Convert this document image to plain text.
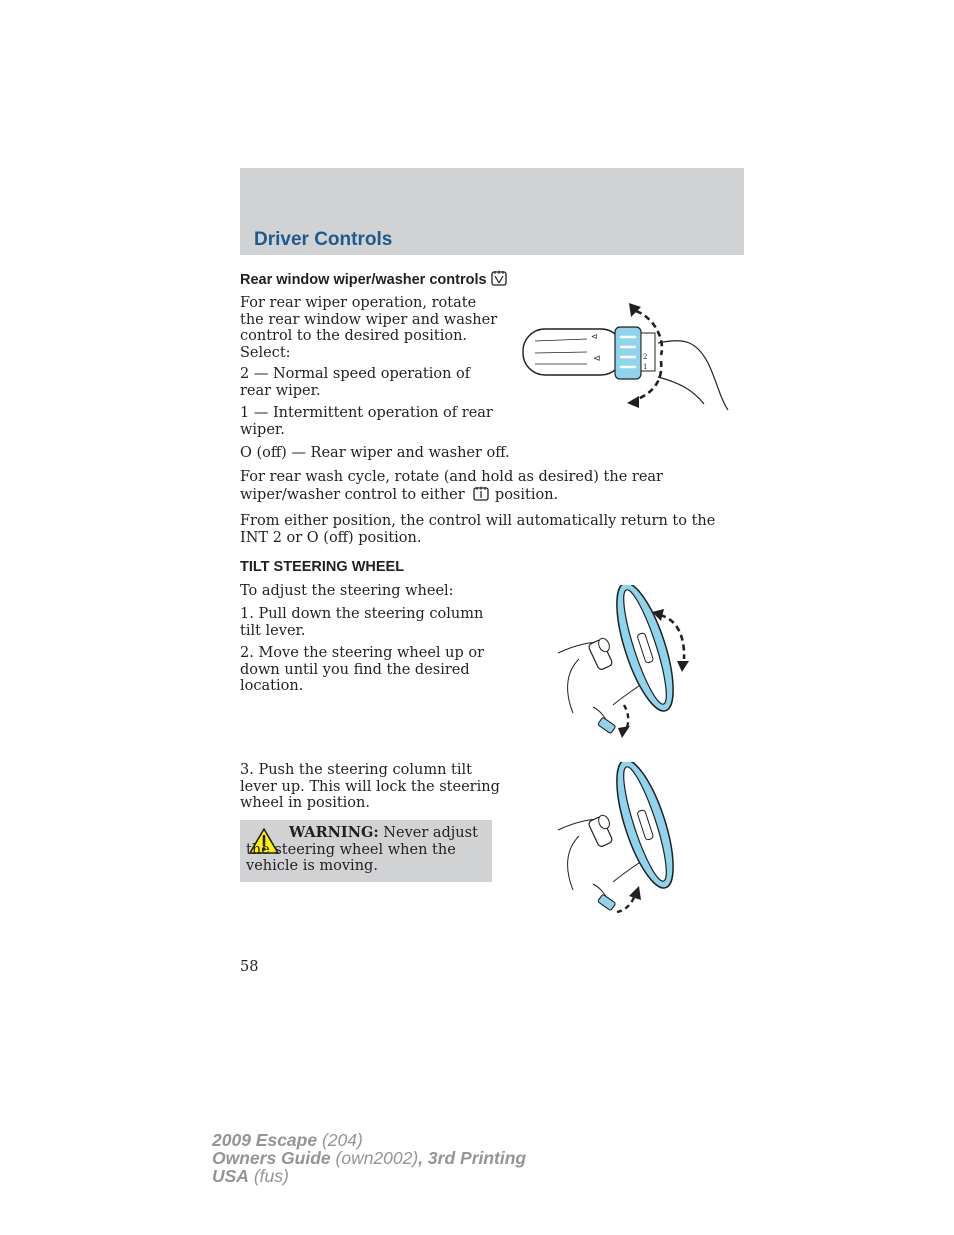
Driver Controls
Rear window wiper/washer controls

For rear wiper operation, rotate the rear window wiper and washer control to the desired position. Select:

2 — Normal speed operation of rear wiper.

1 — Intermittent operation of rear wiper.

O (off) — Rear wiper and washer off.

For rear wash cycle, rotate (and hold as desired) the rear wiper/washer control to either position.

From either position, the control will automatically return to the INT 2 or O (off) position.

⊲
⊲	2
1
TILT STEERING WHEEL

To adjust the steering wheel:

1. Pull down the steering column tilt lever.

2. Move the steering wheel up or down until you find the desired location.

3. Push the steering column tilt lever up. This will lock the steering wheel in position.

WARNING: Never adjust the steering wheel when the vehicle is moving.

58

2009 Escape (204)
Owners Guide (own2002), 3rd Printing
USA (fus)
